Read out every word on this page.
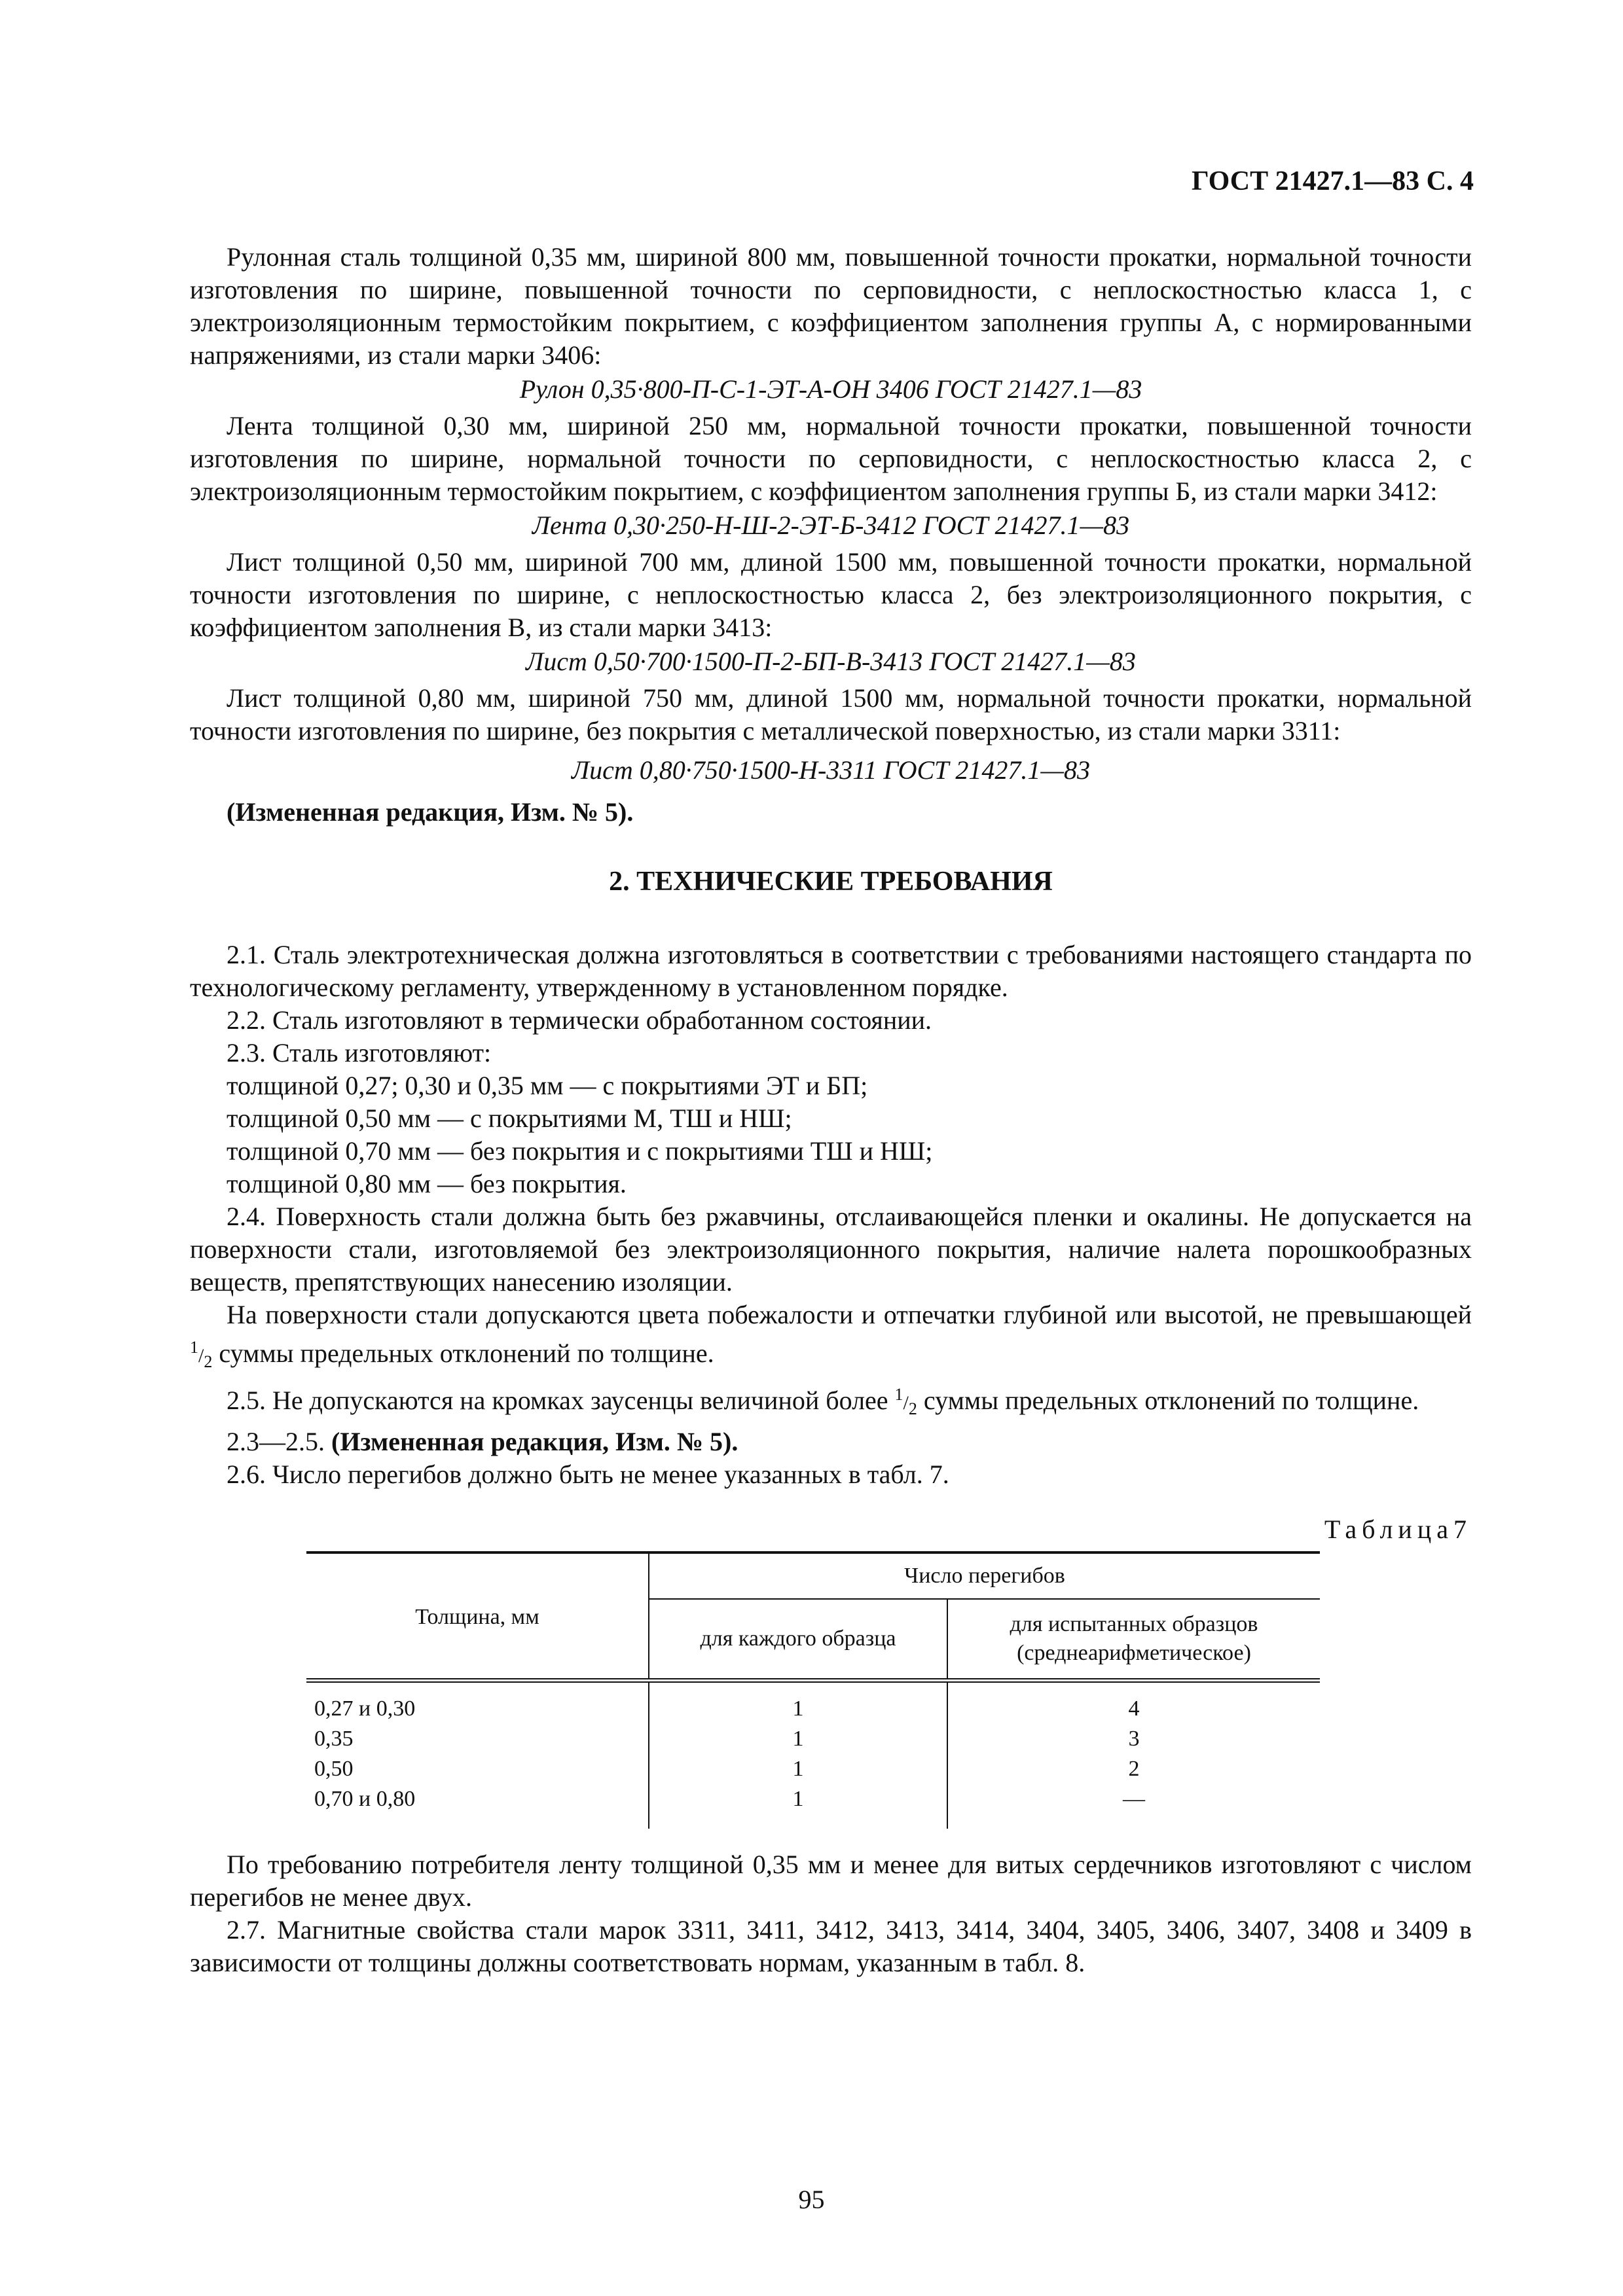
ГОСТ 21427.1—83 С. 4

Рулонная сталь толщиной 0,35 мм, шириной 800 мм, повышенной точности прокатки, нормальной точности изготовления по ширине, повышенной точности по серповидности, с неплоскостностью класса 1, с электроизоляционным термостойким покрытием, с коэффициентом заполнения группы А, с нормированными напряжениями, из стали марки 3406:

Рулон 0,35·800-П-С-1-ЭТ-А-ОН 3406 ГОСТ 21427.1—83

Лента толщиной 0,30 мм, шириной 250 мм, нормальной точности прокатки, повышенной точности изготовления по ширине, нормальной точности по серповидности, с неплоскостностью класса 2, с электроизоляционным термостойким покрытием, с коэффициентом заполнения группы Б, из стали марки 3412:

Лента 0,30·250-Н-Ш-2-ЭТ-Б-3412 ГОСТ 21427.1—83

Лист толщиной 0,50 мм, шириной 700 мм, длиной 1500 мм, повышенной точности прокатки, нормальной точности изготовления по ширине, с неплоскостностью класса 2, без электроизоляционного покрытия, с коэффициентом заполнения В, из стали марки 3413:

Лист 0,50·700·1500-П-2-БП-В-3413 ГОСТ 21427.1—83

Лист толщиной 0,80 мм, шириной 750 мм, длиной 1500 мм, нормальной точности прокатки, нормальной точности изготовления по ширине, без покрытия с металлической поверхностью, из стали марки 3311:

Лист 0,80·750·1500-Н-3311 ГОСТ 21427.1—83

(Измененная редакция, Изм. № 5).

2. ТЕХНИЧЕСКИЕ ТРЕБОВАНИЯ

2.1. Сталь электротехническая должна изготовляться в соответствии с требованиями настоящего стандарта по технологическому регламенту, утвержденному в установленном порядке.

2.2. Сталь изготовляют в термически обработанном состоянии.

2.3. Сталь изготовляют:

толщиной 0,27; 0,30 и 0,35 мм — с покрытиями ЭТ и БП;

толщиной 0,50 мм — с покрытиями М, ТШ и НШ;

толщиной 0,70 мм — без покрытия и с покрытиями ТШ и НШ;

толщиной 0,80 мм — без покрытия.

2.4. Поверхность стали должна быть без ржавчины, отслаивающейся пленки и окалины. Не допускается на поверхности стали, изготовляемой без электроизоляционного покрытия, наличие налета порошкообразных веществ, препятствующих нанесению изоляции.

На поверхности стали допускаются цвета побежалости и отпечатки глубиной или высотой, не превышающей $^1/_2$ суммы предельных отклонений по толщине.

2.5. Не допускаются на кромках заусенцы величиной более $^1/_2$ суммы предельных отклонений по толщине.

2.3—2.5. (Измененная редакция, Изм. № 5).

2.6. Число перегибов должно быть не менее указанных в табл. 7.

Таблица7
Толщина, мм	Число перегибов	
	для каждого образца	для испытанных образцов (среднеарифметическое)

0,27 и 0,30	1	4
0,35	1	3
0,50	1	2
0,70 и 0,80	1	—

По требованию потребителя ленту толщиной 0,35 мм и менее для витых сердечников изготовляют с числом перегибов не менее двух.

2.7. Магнитные свойства стали марок 3311, 3411, 3412, 3413, 3414, 3404, 3405, 3406, 3407, 3408 и 3409 в зависимости от толщины должны соответствовать нормам, указанным в табл. 8.

95
